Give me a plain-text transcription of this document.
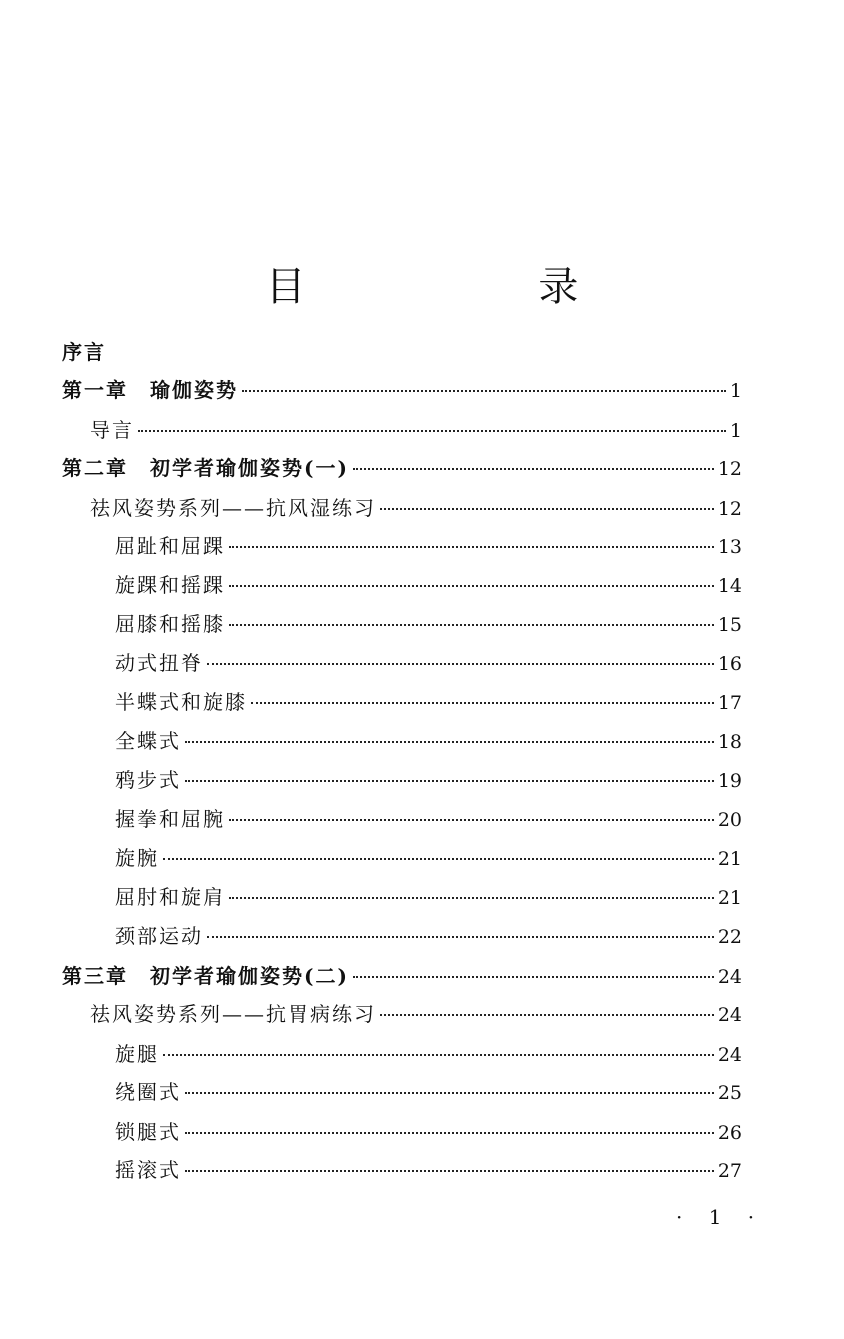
目 录
序言
第一章 瑜伽姿势	1
导言	1
第二章 初学者瑜伽姿势(一)	12
祛风姿势系列——抗风湿练习	12
屈趾和屈踝	13
旋踝和摇踝	14
屈膝和摇膝	15
动式扭脊	16
半蝶式和旋膝	17
全蝶式	18
鸦步式	19
握拳和屈腕	20
旋腕	21
屈肘和旋肩	21
颈部运动	22
第三章 初学者瑜伽姿势(二)	24
祛风姿势系列——抗胃病练习	24
旋腿	24
绕圈式	25
锁腿式	26
摇滚式	27
· 1 ·
